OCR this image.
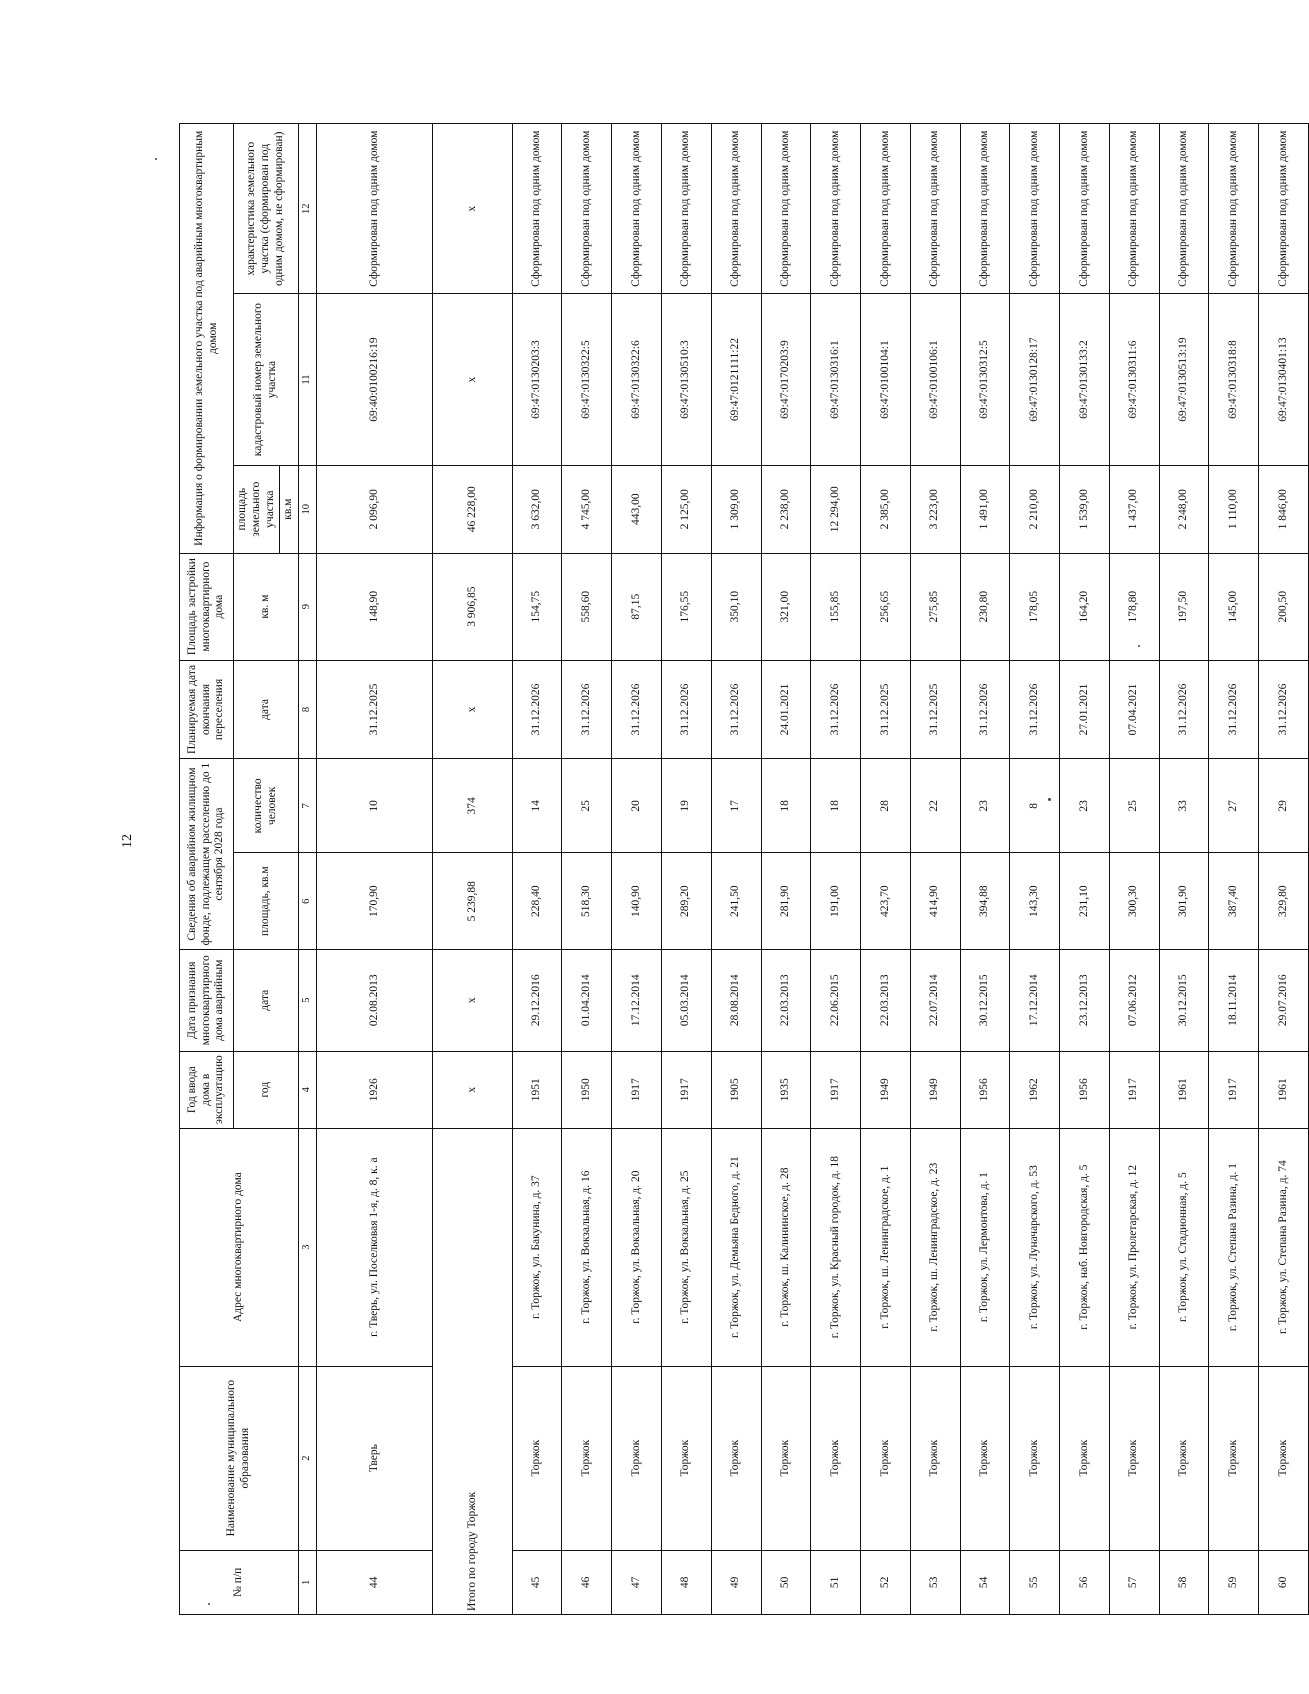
12
№ п/п	Наименование муниципального образования	Адрес многоквартирного дома	Год ввода дома в эксплуатацию	Дата признания многоквартирного дома аварийным	Сведения об аварийном жилищном фонде, подлежащем расселению до 1 сентября 2028 года		Планируемая дата окончания переселения	Площадь застройки многоквартирного дома	Информация о формировании земельного участка под аварийным многоквартирным домом		
			год	дата	площадь, кв.м	количество человек	дата	кв. м	площадь земельного участка кв.м	кадастровый номер земельного участка	характеристика земельного участка (сформирован под одним домом, не сформирован)
1	2	3	4	5	6	7	8	9	10	11	12
44	Тверь	г. Тверь, ул. Поселковая 1-я, д. 8, к. а	1926	02.08.2013	170,90	10	31.12.2025	148,90	2 096,90	69:40:0100216:19	Сформирован под одним домом
Итого по городу Торжок			x	x	5 239,88	374	x	3 906,85	46 228,00	x	x
45	Торжок	г. Торжок, ул. Бакунина, д. 37	1951	29.12.2016	228,40	14	31.12.2026	154,75	3 632,00	69:47:0130203:3	Сформирован под одним домом
46	Торжок	г. Торжок, ул. Вокзальная, д. 16	1950	01.04.2014	518,30	25	31.12.2026	558,60	4 745,00	69:47:0130322:5	Сформирован под одним домом
47	Торжок	г. Торжок, ул. Вокзальная, д. 20	1917	17.12.2014	140,90	20	31.12.2026	87,15	443,00	69:47:0130322:6	Сформирован под одним домом
48	Торжок	г. Торжок, ул. Вокзальная, д. 25	1917	05.03.2014	289,20	19	31.12.2026	176,55	2 125,00	69:47:0130510:3	Сформирован под одним домом
49	Торжок	г. Торжок, ул. Демьяна Бедного, д. 21	1905	28.08.2014	241,50	17	31.12.2026	350,10	1 309,00	69:47:0121111:22	Сформирован под одним домом
50	Торжок	г. Торжок, ш. Калининское, д. 28	1935	22.03.2013	281,90	18	24.01.2021	321,00	2 238,00	69:47:0170203:9	Сформирован под одним домом
51	Торжок	г. Торжок, ул. Красный городок, д. 18	1917	22.06.2015	191,00	18	31.12.2026	155,85	12 294,00	69:47:0130316:1	Сформирован под одним домом
52	Торжок	г. Торжок, ш. Ленинградское, д. 1	1949	22.03.2013	423,70	28	31.12.2025	256,65	2 385,00	69:47:0100104:1	Сформирован под одним домом
53	Торжок	г. Торжок, ш. Ленинградское, д. 23	1949	22.07.2014	414,90	22	31.12.2025	275,85	3 223,00	69:47:0100106:1	Сформирован под одним домом
54	Торжок	г. Торжок, ул. Лермонтова, д. 1	1956	30.12.2015	394,88	23	31.12.2026	230,80	1 491,00	69:47:0130312:5	Сформирован под одним домом
55	Торжок	г. Торжок, ул. Луначарского, д. 53	1962	17.12.2014	143,30	8	31.12.2026	178,05	2 210,00	69:47:0130128:17	Сформирован под одним домом
56	Торжок	г. Торжок, наб. Новгородская, д. 5	1956	23.12.2013	231,10	23	27.01.2021	164,20	1 539,00	69:47:0130133:2	Сформирован под одним домом
57	Торжок	г. Торжок, ул. Пролетарская, д. 12	1917	07.06.2012	300,30	25	07.04.2021	178,80	1 437,00	69:47:0130311:6	Сформирован под одним домом
58	Торжок	г. Торжок, ул. Стадионная, д. 5	1961	30.12.2015	301,90	33	31.12.2026	197,50	2 248,00	69:47:0130513:19	Сформирован под одним домом
59	Торжок	г. Торжок, ул. Степана Разина, д. 1	1917	18.11.2014	387,40	27	31.12.2026	145,00	1 110,00	69:47:0130318:8	Сформирован под одним домом
60	Торжок	г. Торжок, ул. Степана Разина, д. 74	1961	29.07.2016	329,80	29	31.12.2026	200,50	1 846,00	69:47:0130401:13	Сформирован под одним домом
